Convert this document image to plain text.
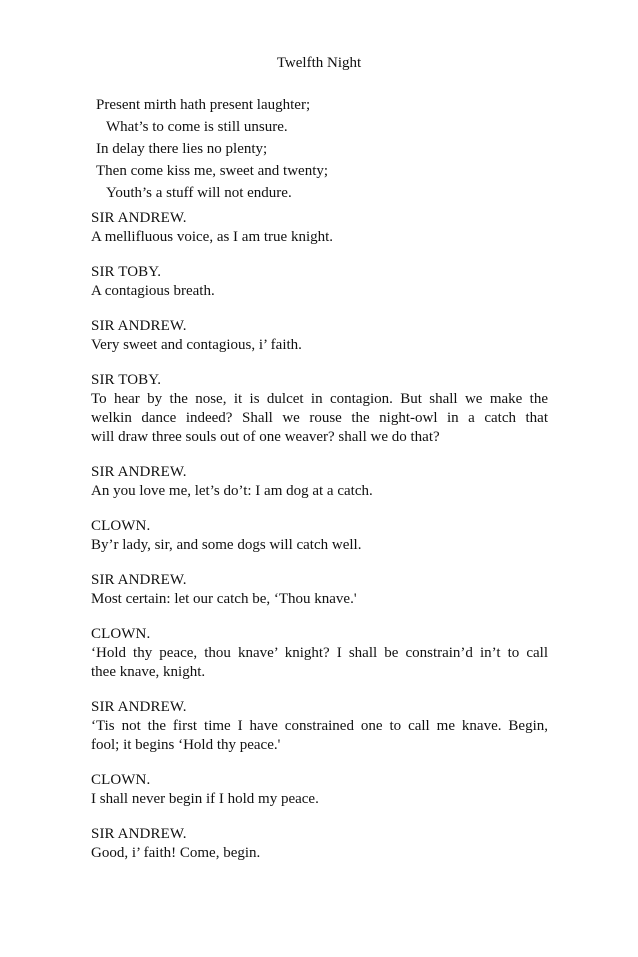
Twelfth Night
Present mirth hath present laughter;
What’s to come is still unsure.
In delay there lies no plenty;
Then come kiss me, sweet and twenty;
Youth’s a stuff will not endure.
SIR ANDREW.
A mellifluous voice, as I am true knight.
SIR TOBY.
A contagious breath.
SIR ANDREW.
Very sweet and contagious, i’ faith.
SIR TOBY.
To hear by the nose, it is dulcet in contagion. But shall we make the
welkin dance indeed? Shall we rouse the night-owl in a catch that
will draw three souls out of one weaver? shall we do that?
SIR ANDREW.
An you love me, let’s do’t: I am dog at a catch.
CLOWN.
By’r lady, sir, and some dogs will catch well.
SIR ANDREW.
Most certain: let our catch be, ‘Thou knave.'
CLOWN.
‘Hold thy peace, thou knave’ knight? I shall be constrain’d in’t to call
thee knave, knight.
SIR ANDREW.
‘Tis not the first time I have constrained one to call me knave. Begin,
fool; it begins ‘Hold thy peace.'
CLOWN.
I shall never begin if I hold my peace.
SIR ANDREW.
Good, i’ faith! Come, begin.
